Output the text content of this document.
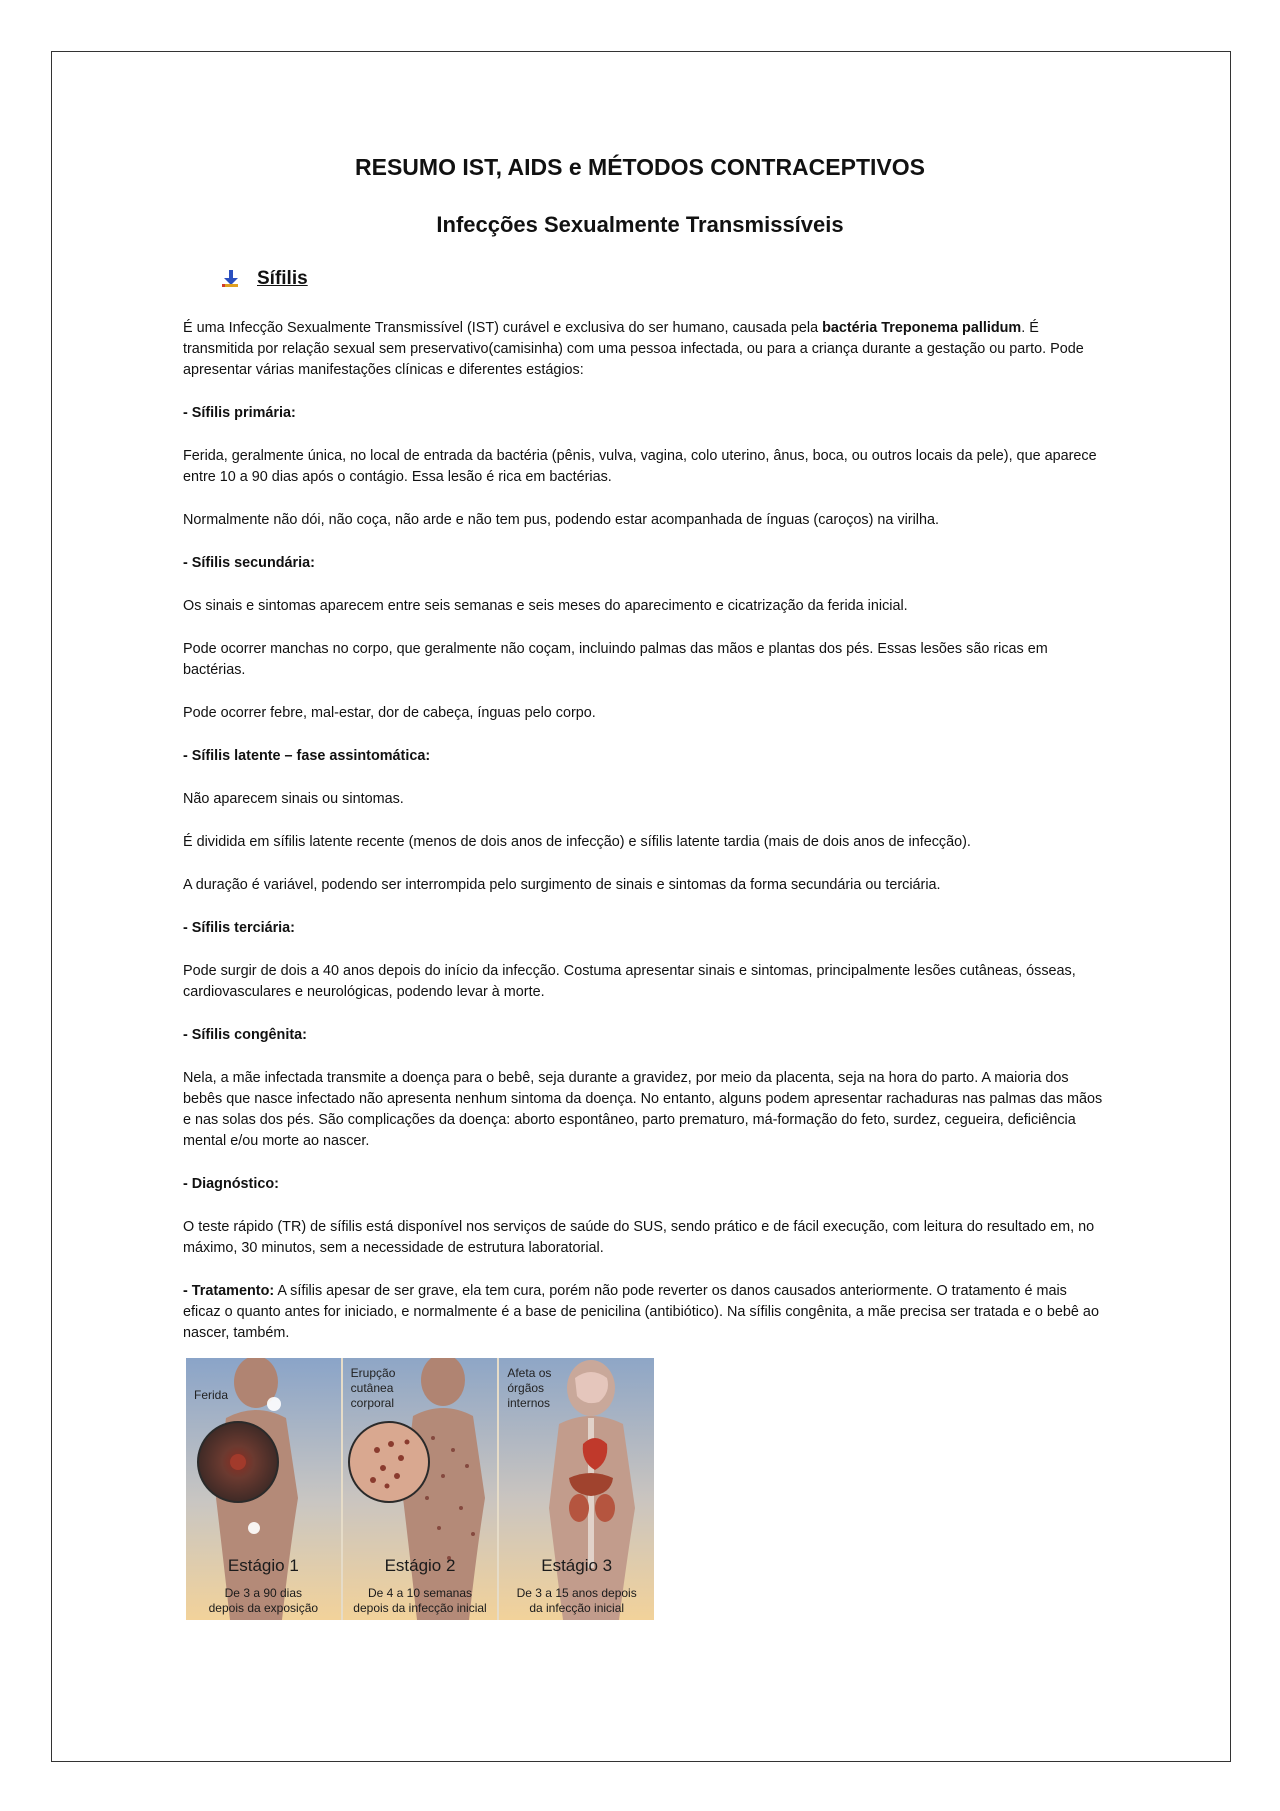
RESUMO IST, AIDS e MÉTODOS CONTRACEPTIVOS
Infecções Sexualmente Transmissíveis
Sífilis

É uma Infecção Sexualmente Transmissível (IST) curável e exclusiva do ser humano, causada pela bactéria Treponema pallidum. É transmitida por relação sexual sem preservativo(camisinha) com uma pessoa infectada, ou para a criança durante a gestação ou parto. Pode apresentar várias manifestações clínicas e diferentes estágios:

- Sífilis primária:

Ferida, geralmente única, no local de entrada da bactéria (pênis, vulva, vagina, colo uterino, ânus, boca, ou outros locais da pele), que aparece entre 10 a 90 dias após o contágio. Essa lesão é rica em bactérias.

Normalmente não dói, não coça, não arde e não tem pus, podendo estar acompanhada de ínguas (caroços) na virilha.

- Sífilis secundária:

Os sinais e sintomas aparecem entre seis semanas e seis meses do aparecimento e cicatrização da ferida inicial.

Pode ocorrer manchas no corpo, que geralmente não coçam, incluindo palmas das mãos e plantas dos pés. Essas lesões são ricas em bactérias.

Pode ocorrer febre, mal-estar, dor de cabeça, ínguas pelo corpo.

- Sífilis latente – fase assintomática:

Não aparecem sinais ou sintomas.

É dividida em sífilis latente recente (menos de dois anos de infecção) e sífilis latente tardia (mais de dois anos de infecção).

A duração é variável, podendo ser interrompida pelo surgimento de sinais e sintomas da forma secundária ou terciária.

- Sífilis terciária:

Pode surgir de dois a 40 anos depois do início da infecção. Costuma apresentar sinais e sintomas, principalmente lesões cutâneas, ósseas, cardiovasculares e neurológicas, podendo levar à morte.

- Sífilis congênita:

Nela, a mãe infectada transmite a doença para o bebê, seja durante a gravidez, por meio da placenta, seja na hora do parto. A maioria dos bebês que nasce infectado não apresenta nenhum sintoma da doença. No entanto, alguns podem apresentar rachaduras nas palmas das mãos e nas solas dos pés. São complicações da doença: aborto espontâneo, parto prematuro, má-formação do feto, surdez, cegueira, deficiência mental e/ou morte ao nascer.

- Diagnóstico:

O teste rápido (TR) de sífilis está disponível nos serviços de saúde do SUS, sendo prático e de fácil execução, com leitura do resultado em, no máximo, 30 minutos, sem a necessidade de estrutura laboratorial.

- Tratamento: A sífilis apesar de ser grave, ela tem cura, porém não pode reverter os danos causados anteriormente. O tratamento é mais eficaz o quanto antes for iniciado, e normalmente é a base de penicilina (antibiótico). Na sífilis congênita, a mãe precisa ser tratada e o bebê ao nascer, também.

Ferida
Estágio 1
De 3 a 90 dias
depois da exposição
Erupção
cutânea
corporal
Estágio 2
De 4 a 10 semanas
depois da infecção inicial
Afeta os
órgãos
internos
Estágio 3
De 3 a 15 anos depois
da infecção inicial
